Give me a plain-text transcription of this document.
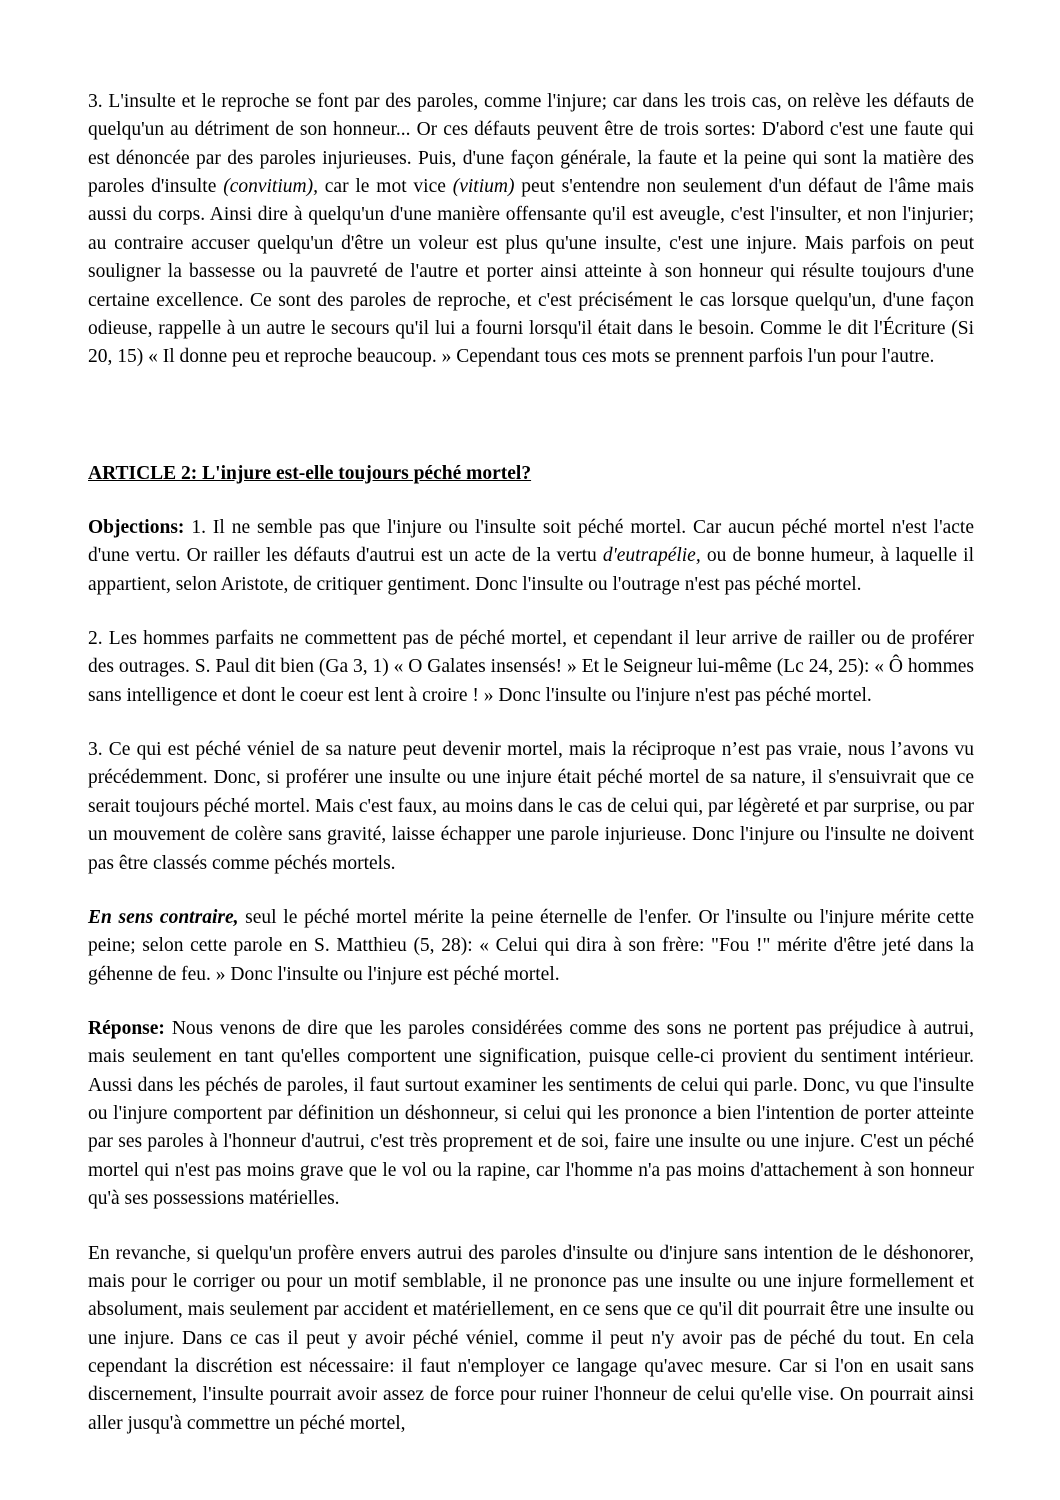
3. L'insulte et le reproche se font par des paroles, comme l'injure; car dans les trois cas, on relève les défauts de quelqu'un au détriment de son honneur... Or ces défauts peuvent être de trois sortes: D'abord c'est une faute qui est dénoncée par des paroles injurieuses. Puis, d'une façon générale, la faute et la peine qui sont la matière des paroles d'insulte (convitium), car le mot vice (vitium) peut s'entendre non seulement d'un défaut de l'âme mais aussi du corps. Ainsi dire à quelqu'un d'une manière offensante qu'il est aveugle, c'est l'insulter, et non l'injurier; au contraire accuser quelqu'un d'être un voleur est plus qu'une insulte, c'est une injure. Mais parfois on peut souligner la bassesse ou la pauvreté de l'autre et porter ainsi atteinte à son honneur qui résulte toujours d'une certaine excellence. Ce sont des paroles de reproche, et c'est précisément le cas lorsque quelqu'un, d'une façon odieuse, rappelle à un autre le secours qu'il lui a fourni lorsqu'il était dans le besoin. Comme le dit l'Écriture (Si 20, 15) « Il donne peu et reproche beaucoup. » Cependant tous ces mots se prennent parfois l'un pour l'autre.

ARTICLE 2: L'injure est-elle toujours péché mortel?

Objections: 1. Il ne semble pas que l'injure ou l'insulte soit péché mortel. Car aucun péché mortel n'est l'acte d'une vertu. Or railler les défauts d'autrui est un acte de la vertu d'eutrapélie, ou de bonne humeur, à laquelle il appartient, selon Aristote, de critiquer gentiment. Donc l'insulte ou l'outrage n'est pas péché mortel.

2. Les hommes parfaits ne commettent pas de péché mortel, et cependant il leur arrive de railler ou de proférer des outrages. S. Paul dit bien (Ga 3, 1) « O Galates insensés! » Et le Seigneur lui-même (Lc 24, 25): « Ô hommes sans intelligence et dont le coeur est lent à croire ! » Donc l'insulte ou l'injure n'est pas péché mortel.

3. Ce qui est péché véniel de sa nature peut devenir mortel, mais la réciproque n’est pas vraie, nous l’avons vu précédemment. Donc, si proférer une insulte ou une injure était péché mortel de sa nature, il s'ensuivrait que ce serait toujours péché mortel. Mais c'est faux, au moins dans le cas de celui qui, par légèreté et par surprise, ou par un mouvement de colère sans gravité, laisse échapper une parole injurieuse. Donc l'injure ou l'insulte ne doivent pas être classés comme péchés mortels.

En sens contraire, seul le péché mortel mérite la peine éternelle de l'enfer. Or l'insulte ou l'injure mérite cette peine; selon cette parole en S. Matthieu (5, 28): « Celui qui dira à son frère: "Fou !" mérite d'être jeté dans la géhenne de feu. » Donc l'insulte ou l'injure est péché mortel.

Réponse: Nous venons de dire que les paroles considérées comme des sons ne portent pas préjudice à autrui, mais seulement en tant qu'elles comportent une signification, puisque celle-ci provient du sentiment intérieur. Aussi dans les péchés de paroles, il faut surtout examiner les sentiments de celui qui parle. Donc, vu que l'insulte ou l'injure comportent par définition un déshonneur, si celui qui les prononce a bien l'intention de porter atteinte par ses paroles à l'honneur d'autrui, c'est très proprement et de soi, faire une insulte ou une injure. C'est un péché mortel qui n'est pas moins grave que le vol ou la rapine, car l'homme n'a pas moins d'attachement à son honneur qu'à ses possessions matérielles.

En revanche, si quelqu'un profère envers autrui des paroles d'insulte ou d'injure sans intention de le déshonorer, mais pour le corriger ou pour un motif semblable, il ne prononce pas une insulte ou une injure formellement et absolument, mais seulement par accident et matériellement, en ce sens que ce qu'il dit pourrait être une insulte ou une injure. Dans ce cas il peut y avoir péché véniel, comme il peut n'y avoir pas de péché du tout. En cela cependant la discrétion est nécessaire: il faut n'employer ce langage qu'avec mesure. Car si l'on en usait sans discernement, l'insulte pourrait avoir assez de force pour ruiner l'honneur de celui qu'elle vise. On pourrait ainsi aller jusqu'à commettre un péché mortel,
